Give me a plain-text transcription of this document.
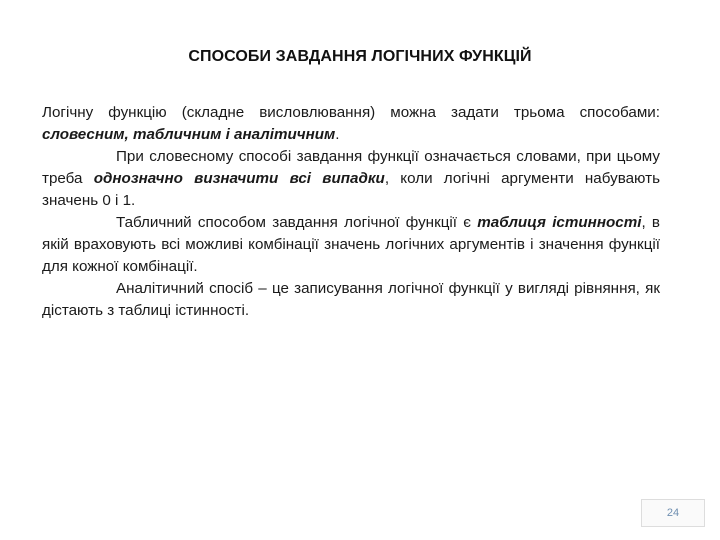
СПОСОБИ ЗАВДАННЯ ЛОГІЧНИХ ФУНКЦІЙ

Логічну функцію (складне висловлювання) можна задати трьома способами: словесним, табличним і аналітичним.

При словесному способі завдання функції означається словами, при цьому треба однозначно визначити всі випадки, коли логічні аргументи набувають значень 0 і 1.

Табличний способом завдання логічної функції є таблиця істинності, в якій враховують всі можливі комбінації значень логічних аргументів і значення функції для кожної комбінації.

Аналітичний спосіб – це записування логічної функції у вигляді рівняння, як дістають з таблиці істинності.

24
